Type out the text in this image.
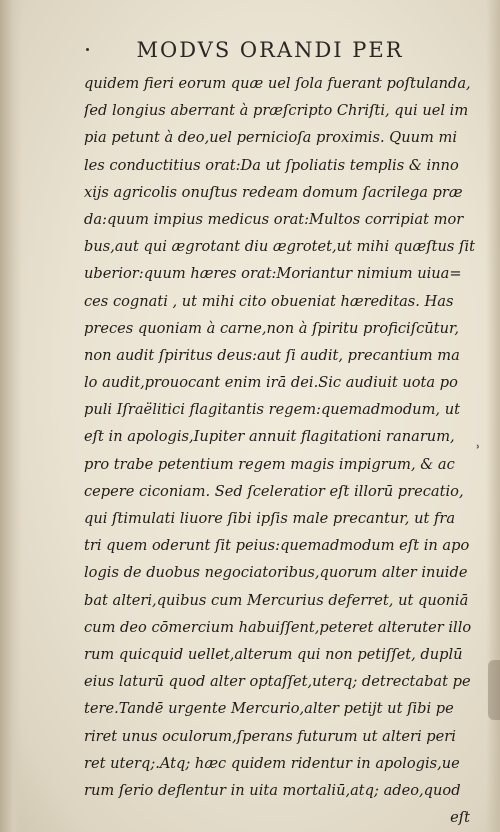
MODVS ORANDI PER
quidem fieri eorum quæ uel ſola fuerant poſtulanda,
ſed longius aberrant à præſcripto Chriſti, qui uel im
pia petunt à deo,uel pernicioſa proximis. Quum mi
les conductitius orat:Da ut ſpoliatis templis & inno
xijs agricolis onuſtus redeam domum ſacrilega præ
da:quum impius medicus orat:Multos corripiat mor
bus,aut qui ægrotant diu ægrotet,ut mihi quæſtus ſit
uberior:quum hæres orat:Moriantur nimium uiua=
ces cognati , ut mihi cito obueniat hæreditas. Has
preces quoniam à carne,non à ſpiritu proficiſcūtur,
non audit ſpiritus deus:aut ſi audit, precantium ma
lo audit,prouocant enim irā dei.Sic audiuit uota po
puli Iſraëlitici flagitantis regem:quemadmodum, ut
eſt in apologis,Iupiter annuit flagitationi ranarum,
pro trabe petentium regem magis impigrum, & ac
cepere ciconiam. Sed ſceleratior eſt illorū precatio,
qui ſtimulati liuore ſibi ipſis male precantur, ut fra
tri quem oderunt ſit peius:quemadmodum eſt in apo
logis de duobus negociatoribus,quorum alter inuide
bat alteri,quibus cum Mercurius deferret, ut quoniā
cum deo cōmercium habuiſſent,peteret alteruter illo
rum quicquid uellet,alterum qui non petiſſet, duplū
eius laturū quod alter optaſſet,uterq; detrectabat pe
tere.Tandē urgente Mercurio,alter petijt ut ſibi pe
riret unus oculorum,ſperans futurum ut alteri peri
ret uterq;.Atq; hæc quidem ridentur in apologis,ue
rum ſerio deflentur in uita mortaliū,atq; adeo,quod
eſt
˒
